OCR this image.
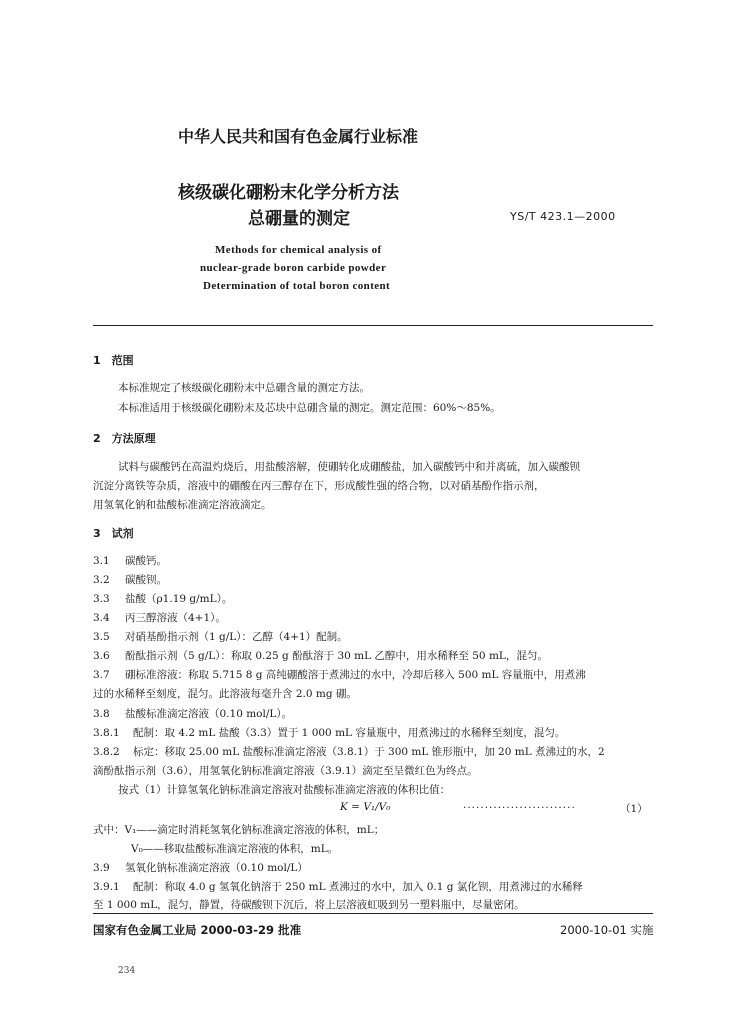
中华人民共和国有色金属行业标准
核级碳化硼粉末化学分析方法
总硼量的测定	YS/T 423.1—2000
Methods for chemical analysis of
nuclear-grade boron carbide powder
Determination of total boron content
1　范围
本标准规定了核级碳化硼粉末中总硼含量的测定方法。
本标准适用于核级碳化硼粉末及芯块中总硼含量的测定。测定范围：60%～85%。
2　方法原理
试料与碳酸钙在高温灼烧后，用盐酸溶解，使硼转化成硼酸盐，加入碳酸钙中和并离硫，加入碳酸钡
沉淀分离铁等杂质，溶液中的硼酸在丙三醇存在下，形成酸性强的络合物，以对硝基酚作指示剂，
用氢氧化钠和盐酸标准滴定溶液滴定。
3　试剂
3.1 碳酸钙。
3.2 碳酸钡。
3.3 盐酸（ρ1.19 g/mL）。
3.4 丙三醇溶液（4+1）。
3.5 对硝基酚指示剂（1 g/L）：乙醇（4+1）配制。
3.6 酚酞指示剂（5 g/L）：称取 0.25 g 酚酞溶于 30 mL 乙醇中，用水稀释至 50 mL，混匀。
3.7 硼标准溶液：称取 5.715 8 g 高纯硼酸溶于煮沸过的水中，冷却后移入 500 mL 容量瓶中，用煮沸
过的水稀释至刻度，混匀。此溶液每毫升含 2.0 mg 硼。
3.8 盐酸标准滴定溶液（0.10 mol/L）。
3.8.1 配制：取 4.2 mL 盐酸（3.3）置于 1 000 mL 容量瓶中，用煮沸过的水稀释至刻度，混匀。
3.8.2 标定：移取 25.00 mL 盐酸标准滴定溶液（3.8.1）于 300 mL 锥形瓶中，加 20 mL 煮沸过的水，2
滴酚酞指示剂（3.6），用氢氧化钠标准滴定溶液（3.9.1）滴定至呈微红色为终点。
按式（1）计算氢氧化钠标准滴定溶液对盐酸标准滴定溶液的体积比值：
K = V₁/V₀	··························	（1）
式中：V₁——滴定时消耗氢氧化钠标准滴定溶液的体积，mL；
V₀——移取盐酸标准滴定溶液的体积，mL。
3.9 氢氧化钠标准滴定溶液（0.10 mol/L）
3.9.1 配制：称取 4.0 g 氢氧化钠溶于 250 mL 煮沸过的水中，加入 0.1 g 氯化钡，用煮沸过的水稀释
至 1 000 mL，混匀，静置，待碳酸钡下沉后，将上层溶液虹吸到另一塑料瓶中，尽量密闭。
国家有色金属工业局 2000-03-29 批准	2000-10-01 实施
234
